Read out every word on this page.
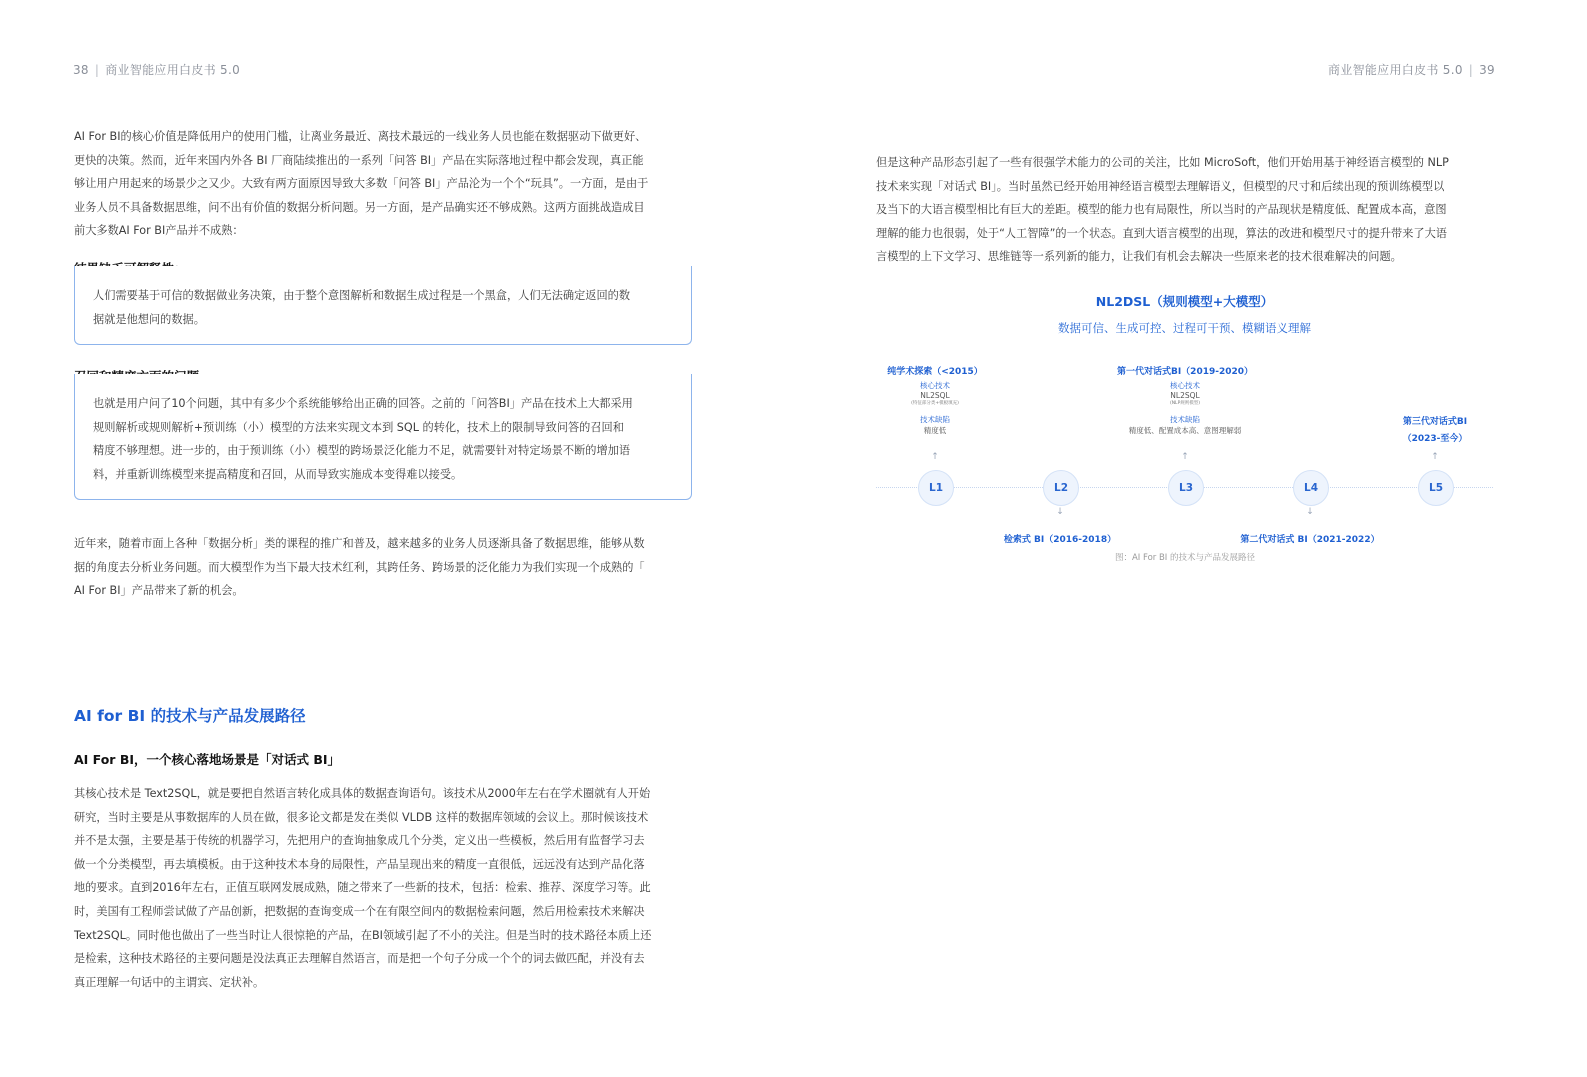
38 | 商业智能应用白皮书 5.0	商业智能应用白皮书 5.0 | 39

AI For BI的核心价值是降低用户的使用门槛，让离业务最近、离技术最远的一线业务人员也能在数据驱动下做更好、

更快的决策。然而，近年来国内外各 BI 厂商陆续推出的一系列「问答 BI」产品在实际落地过程中都会发现，真正能

够让用户用起来的场景少之又少。大致有两方面原因导致大多数「问答 BI」产品沦为一个个“玩具”。一方面，是由于

业务人员不具备数据思维，问不出有价值的数据分析问题。另一方面，是产品确实还不够成熟。这两方面挑战造成目

前大多数AI For BI产品并不成熟：

人们需要基于可信的数据做业务决策，由于整个意图解析和数据生成过程是一个黑盒，人们无法确定返回的数
据就是他想问的数据。
也就是用户问了10个问题，其中有多少个系统能够给出正确的回答。之前的「问答BI」产品在技术上大都采用
规则解析或规则解析+预训练（小）模型的方法来实现文本到 SQL 的转化，技术上的限制导致问答的召回和
精度不够理想。进一步的，由于预训练（小）模型的跨场景泛化能力不足，就需要针对特定场景不断的增加语
料，并重新训练模型来提高精度和召回，从而导致实施成本变得难以接受。

近年来，随着市面上各种「数据分析」类的课程的推广和普及，越来越多的业务人员逐渐具备了数据思维，能够从数

据的角度去分析业务问题。而大模型作为当下最大技术红利，其跨任务、跨场景的泛化能力为我们实现一个成熟的「

AI For BI」产品带来了新的机会。

AI for BI 的技术与产品发展路径
AI For BI，一个核心落地场景是「对话式 BI」

其核心技术是 Text2SQL，就是要把自然语言转化成具体的数据查询语句。该技术从2000年左右在学术圈就有人开始

研究，当时主要是从事数据库的人员在做，很多论文都是发在类似 VLDB 这样的数据库领域的会议上。那时候该技术

并不是太强，主要是基于传统的机器学习，先把用户的查询抽象成几个分类，定义出一些模板，然后用有监督学习去

做一个分类模型，再去填模板。由于这种技术本身的局限性，产品呈现出来的精度一直很低，远远没有达到产品化落

地的要求。直到2016年左右，正值互联网发展成熟，随之带来了一些新的技术，包括：检索、推荐、深度学习等。此

时，美国有工程师尝试做了产品创新，把数据的查询变成一个在有限空间内的数据检索问题，然后用检索技术来解决

Text2SQL。同时他也做出了一些当时让人很惊艳的产品，在BI领域引起了不小的关注。但是当时的技术路径本质上还

是检索，这种技术路径的主要问题是没法真正去理解自然语言，而是把一个句子分成一个个的词去做匹配，并没有去

真正理解一句话中的主谓宾、定状补。

但是这种产品形态引起了一些有很强学术能力的公司的关注，比如 MicroSoft，他们开始用基于神经语言模型的 NLP

技术来实现「对话式 BI」。当时虽然已经开始用神经语言模型去理解语义，但模型的尺寸和后续出现的预训练模型以

及当下的大语言模型相比有巨大的差距。模型的能力也有局限性，所以当时的产品现状是精度低、配置成本高，意图

理解的能力也很弱，处于“人工智障”的一个状态。直到大语言模型的出现，算法的改进和模型尺寸的提升带来了大语

言模型的上下文学习、思维链等一系列新的能力，让我们有机会去解决一些原来老的技术很难解决的问题。

NL2DSL（规则模型+大模型）
数据可信、生成可控、过程可干预、模糊语义理解
L1	L2	L3	L4	L5
纯学术探索（<2015）
核心技术
NL2SQL
(特征部分类+模板填充)
技术缺陷
精度低
↑
第一代对话式BI（2019-2020）
核心技术
NL2SQL
(NLP规则模型)
技术缺陷
精度低、配置成本高、意图理解弱
↑
第三代对话式BI
（2023-至今）
↑
↓
检索式 BI（2016-2018）
↓
第二代对话式 BI（2021-2022）
图：AI For BI 的技术与产品发展路径
